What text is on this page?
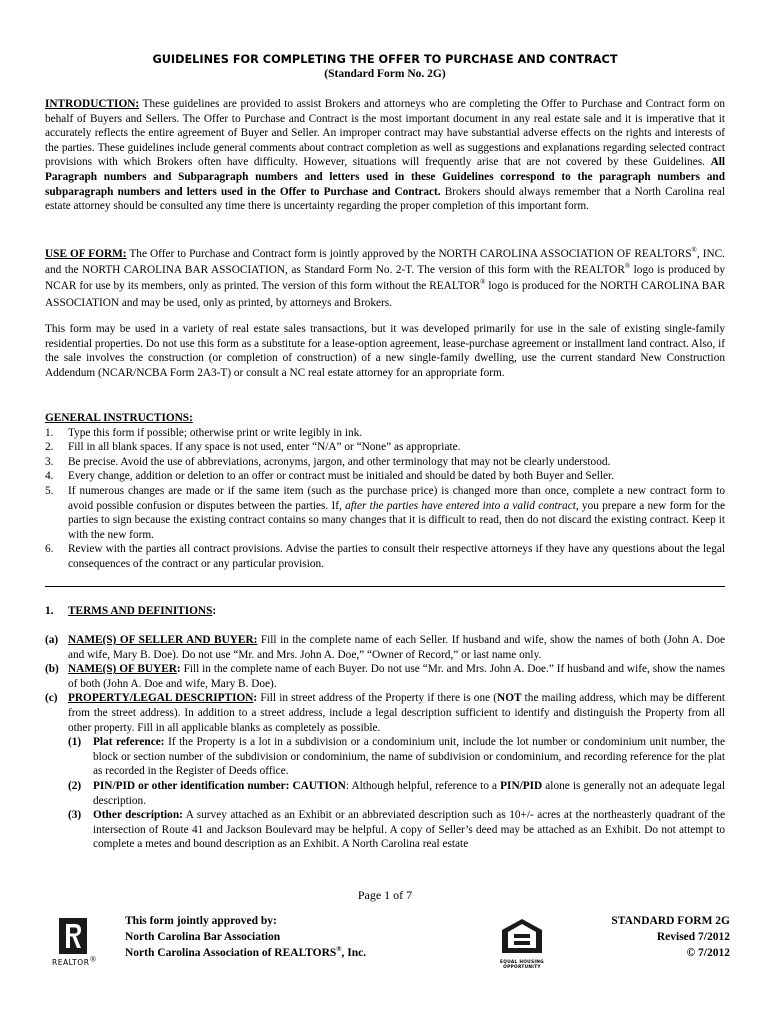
GUIDELINES FOR COMPLETING THE OFFER TO PURCHASE AND CONTRACT
(Standard Form No. 2G)
INTRODUCTION: These guidelines are provided to assist Brokers and attorneys who are completing the Offer to Purchase and Contract form on behalf of Buyers and Sellers. The Offer to Purchase and Contract is the most important document in any real estate sale and it is imperative that it accurately reflects the entire agreement of Buyer and Seller. An improper contract may have substantial adverse effects on the rights and interests of the parties. These guidelines include general comments about contract completion as well as suggestions and explanations regarding selected contract provisions with which Brokers often have difficulty. However, situations will frequently arise that are not covered by these Guidelines. All Paragraph numbers and Subparagraph numbers and letters used in these Guidelines correspond to the paragraph numbers and subparagraph numbers and letters used in the Offer to Purchase and Contract. Brokers should always remember that a North Carolina real estate attorney should be consulted any time there is uncertainty regarding the proper completion of this important form.
USE OF FORM: The Offer to Purchase and Contract form is jointly approved by the NORTH CAROLINA ASSOCIATION OF REALTORS®, INC. and the NORTH CAROLINA BAR ASSOCIATION, as Standard Form No. 2-T. The version of this form with the REALTOR® logo is produced by NCAR for use by its members, only as printed. The version of this form without the REALTOR® logo is produced for the NORTH CAROLINA BAR ASSOCIATION and may be used, only as printed, by attorneys and Brokers.
This form may be used in a variety of real estate sales transactions, but it was developed primarily for use in the sale of existing single-family residential properties. Do not use this form as a substitute for a lease-option agreement, lease-purchase agreement or installment land contract. Also, if the sale involves the construction (or completion of construction) of a new single-family dwelling, use the current standard New Construction Addendum (NCAR/NCBA Form 2A3-T) or consult a NC real estate attorney for an appropriate form.
GENERAL INSTRUCTIONS:
1. Type this form if possible; otherwise print or write legibly in ink.
2. Fill in all blank spaces. If any space is not used, enter “N/A” or “None” as appropriate.
3. Be precise. Avoid the use of abbreviations, acronyms, jargon, and other terminology that may not be clearly understood.
4. Every change, addition or deletion to an offer or contract must be initialed and should be dated by both Buyer and Seller.
5. If numerous changes are made or if the same item (such as the purchase price) is changed more than once, complete a new contract form to avoid possible confusion or disputes between the parties. If, after the parties have entered into a valid contract, you prepare a new form for the parties to sign because the existing contract contains so many changes that it is difficult to read, then do not discard the existing contract. Keep it with the new form.
6. Review with the parties all contract provisions. Advise the parties to consult their respective attorneys if they have any questions about the legal consequences of the contract or any particular provision.
1. TERMS AND DEFINITIONS:
(a) NAME(S) OF SELLER AND BUYER: Fill in the complete name of each Seller. If husband and wife, show the names of both (John A. Doe and wife, Mary B. Doe). Do not use “Mr. and Mrs. John A. Doe,” “Owner of Record,” or last name only.
(b) NAME(S) OF BUYER: Fill in the complete name of each Buyer. Do not use “Mr. and Mrs. John A. Doe.” If husband and wife, show the names of both (John A. Doe and wife, Mary B. Doe).
(c) PROPERTY/LEGAL DESCRIPTION: Fill in street address of the Property if there is one (NOT the mailing address, which may be different from the street address). In addition to a street address, include a legal description sufficient to identify and distinguish the Property from all other property. Fill in all applicable blanks as completely as possible.
(1) Plat reference: If the Property is a lot in a subdivision or a condominium unit, include the lot number or condominium unit number, the block or section number of the subdivision or condominium, the name of subdivision or condominium, and recording reference for the plat as recorded in the Register of Deeds office.
(2) PIN/PID or other identification number: CAUTION: Although helpful, reference to a PIN/PID alone is generally not an adequate legal description.
(3) Other description: A survey attached as an Exhibit or an abbreviated description such as 10+/- acres at the northeasterly quadrant of the intersection of Route 41 and Jackson Boulevard may be helpful. A copy of Seller’s deed may be attached as an Exhibit. Do not attempt to complete a metes and bound description as an Exhibit. A North Carolina real estate
Page 1 of 7
REALTOR®
This form jointly approved by:
North Carolina Bar Association
North Carolina Association of REALTORS®, Inc.
EQUAL HOUSING
OPPORTUNITY
STANDARD FORM 2G
Revised 7/2012
© 7/2012
